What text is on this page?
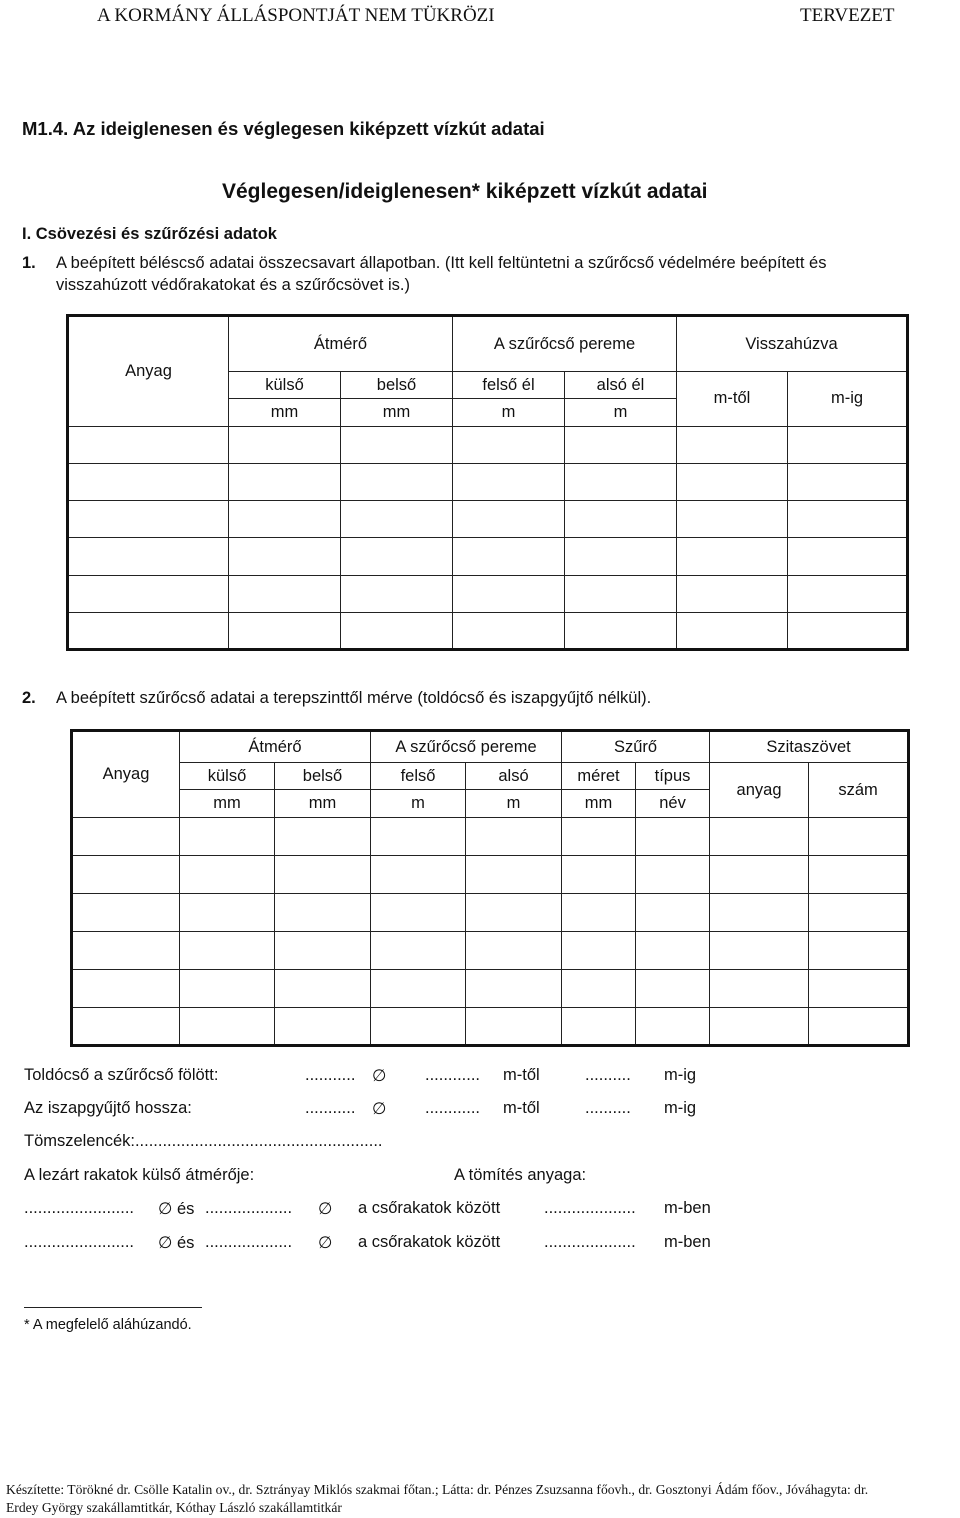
A KORMÁNY ÁLLÁSPONTJÁT NEM TÜKRÖZI	TERVEZET
M1.4. Az ideiglenesen és véglegesen kiképzett vízkút adatai
Véglegesen/ideiglenesen* kiképzett vízkút adatai
I. Csövezési és szűrőzési adatok
1. A beépített béléscső adatai összecsavart állapotban. (Itt kell feltüntetni a szűrőcső védelmére beépített és
visszahúzott védőrakatokat és a szűrőcsövet is.)
Anyag	Átmérő		A szűrőcső pereme		Visszahúzva	
	külső	belső	felső él	alsó él	m-től	m-ig
	mm	mm	m	m		

2. A beépített szűrőcső adatai a terepszinttől mérve (toldócső és iszapgyűjtő nélkül).
Anyag	Átmérő		A szűrőcső pereme		Szűrő		Szitaszövet	
	külső	belső	felső	alsó	méret	típus	anyag	szám
	mm	mm	m	m	mm	név		

Toldócső a szűrőcső fölött:	........... ∅ ............ m-től	.......... m-ig
Az iszapgyűjtő hossza:	........... ∅ ............ m-től	.......... m-ig
Tömszelencék:......................................................
A lezárt rakatok külső átmérője:	A tömítés anyaga:
........................ ∅ és ................... ∅ a csőrakatok között	.................... m-ben
........................ ∅ és ................... ∅ a csőrakatok között	.................... m-ben
* A megfelelő aláhúzandó.
Készítette: Törökné dr. Csölle Katalin ov., dr. Sztrányay Miklós szakmai főtan.; Látta: dr. Pénzes Zsuzsanna főovh., dr. Gosztonyi Ádám főov., Jóváhagyta: dr.
Erdey György szakállamtitkár, Kóthay László szakállamtitkár
